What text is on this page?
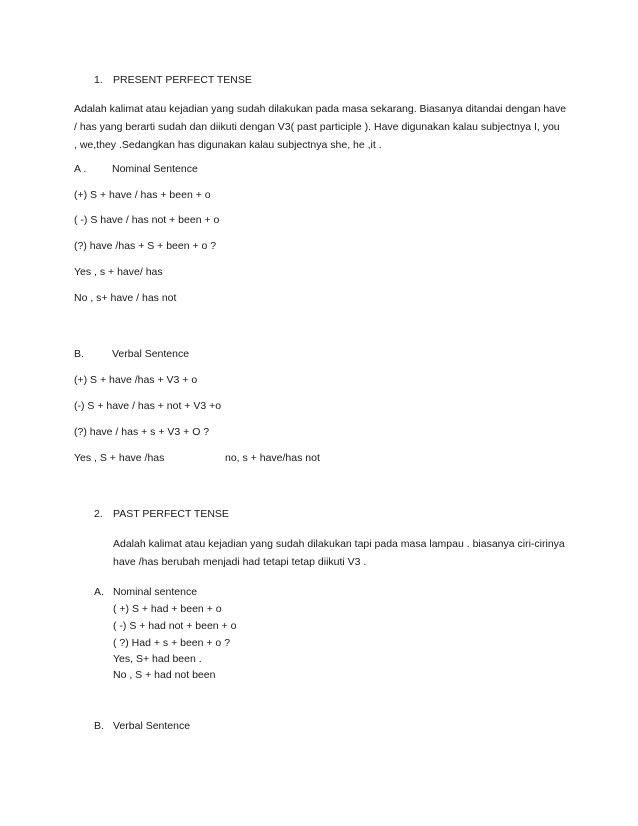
1. PRESENT PERFECT TENSE
Adalah kalimat atau kejadian yang sudah dilakukan pada masa sekarang. Biasanya ditandai dengan have
/ has yang berarti sudah dan diikuti dengan V3( past participle ). Have digunakan kalau subjectnya I, you
, we,they .Sedangkan has digunakan kalau subjectnya she, he ,it .
A . Nominal Sentence
(+) S + have / has + been + o
( -) S have / has not + been + o
(?) have /has + S + been + o ?
Yes , s + have/ has
No , s+ have / has not
B.	Verbal Sentence
(+) S + have /has + V3 + o
(-) S + have / has + not + V3 +o
(?) have / has + s + V3 + O ?
Yes , S + have /has	no, s + have/has not
2. PAST PERFECT TENSE
Adalah kalimat atau kejadian yang sudah dilakukan tapi pada masa lampau . biasanya ciri-cirinya
have /has berubah menjadi had tetapi tetap diikuti V3 .
A. Nominal sentence
( +) S + had + been + o
( -) S + had not + been + o
( ?) Had + s + been + o ?
Yes, S+ had been .
No , S + had not been
B. Verbal Sentence
